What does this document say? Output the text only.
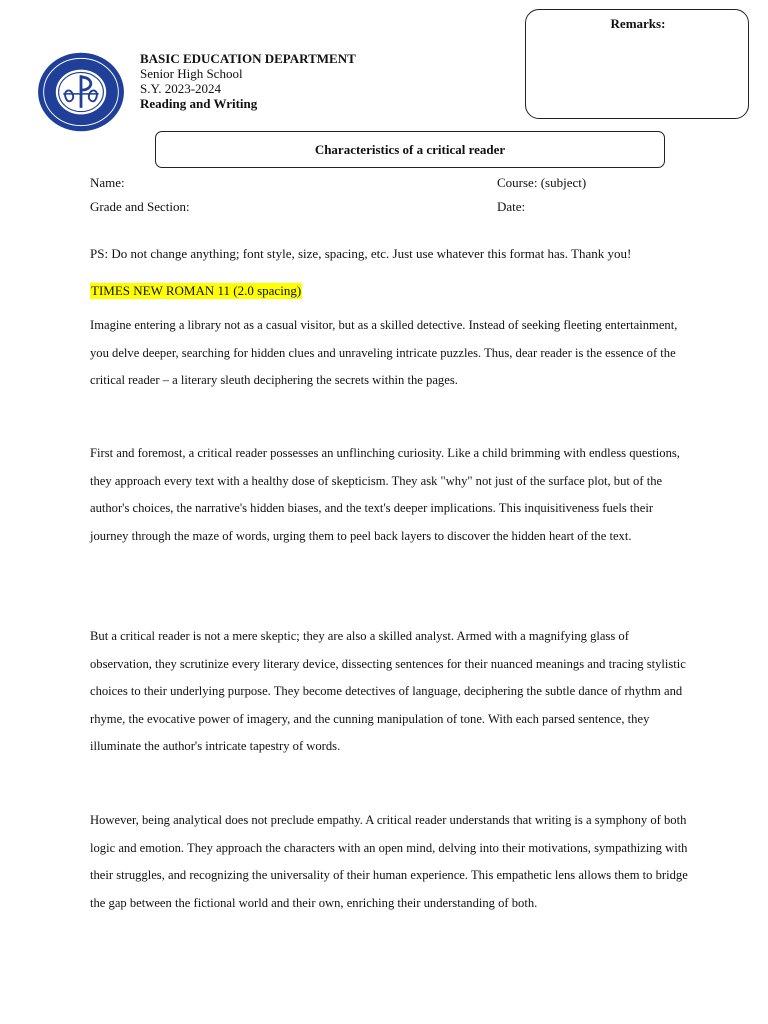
BASIC EDUCATION DEPARTMENT
Senior High School
S.Y. 2023-2024
Reading and Writing
Remarks:
Characteristics of a critical reader
Name:	Course: (subject)
Grade and Section:	Date:
PS: Do not change anything; font style, size, spacing, etc. Just use whatever this format has. Thank you!
TIMES NEW ROMAN 11 (2.0 spacing)

Imagine entering a library not as a casual visitor, but as a skilled detective. Instead of seeking fleeting entertainment, you delve deeper, searching for hidden clues and unraveling intricate puzzles. Thus, dear reader is the essence of the critical reader – a literary sleuth deciphering the secrets within the pages.

First and foremost, a critical reader possesses an unflinching curiosity. Like a child brimming with endless questions, they approach every text with a healthy dose of skepticism. They ask "why" not just of the surface plot, but of the author's choices, the narrative's hidden biases, and the text's deeper implications. This inquisitiveness fuels their journey through the maze of words, urging them to peel back layers to discover the hidden heart of the text.

But a critical reader is not a mere skeptic; they are also a skilled analyst. Armed with a magnifying glass of observation, they scrutinize every literary device, dissecting sentences for their nuanced meanings and tracing stylistic choices to their underlying purpose. They become detectives of language, deciphering the subtle dance of rhythm and rhyme, the evocative power of imagery, and the cunning manipulation of tone. With each parsed sentence, they illuminate the author's intricate tapestry of words.

However, being analytical does not preclude empathy. A critical reader understands that writing is a symphony of both logic and emotion. They approach the characters with an open mind, delving into their motivations, sympathizing with their struggles, and recognizing the universality of their human experience. This empathetic lens allows them to bridge the gap between the fictional world and their own, enriching their understanding of both.
